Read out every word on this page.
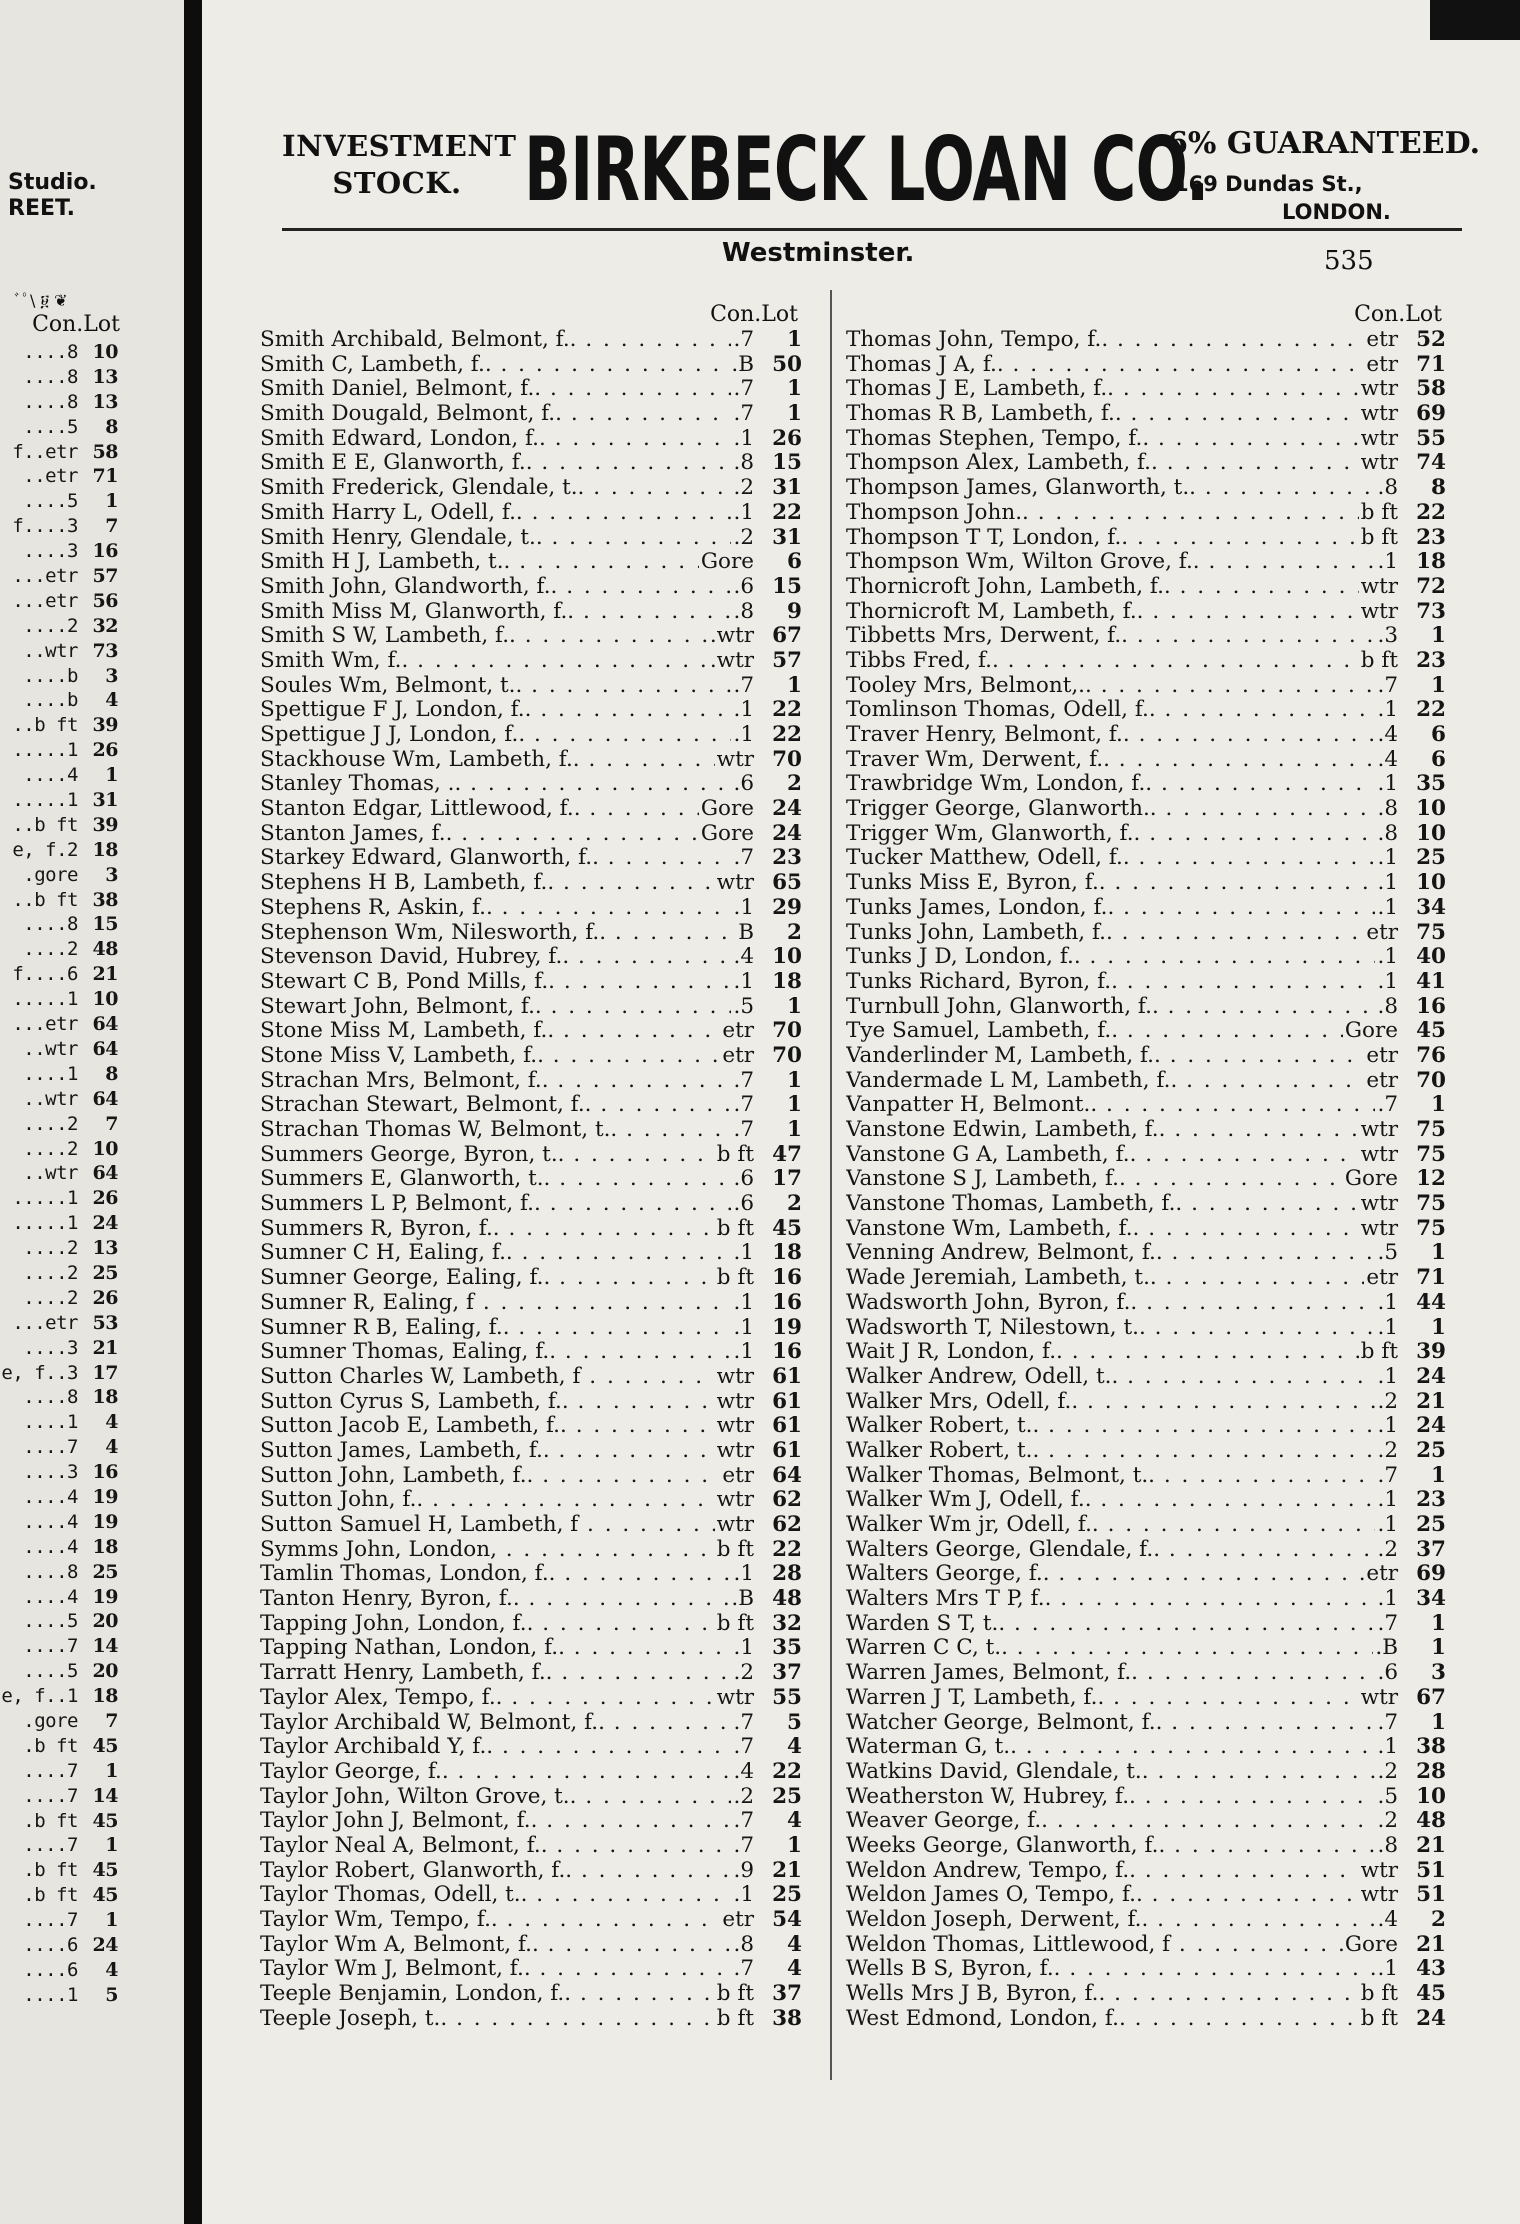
Studio.
REET.
ﾞﾟ\ ፱ ❦
Con.Lot
....8 10
....8 13
....8 13
....5	8
f..etr 58
..etr 71
....5	1
f....3	7
....3 16
...etr 57
...etr 56
....2 32
..wtr 73
....b	3
....b	4
..b ft 39
.....1 26
....4	1
.....1 31
..b ft 39
e, f.2 18
.gore	3
..b ft 38
....8 15
....2 48
f....6 21
.....1 10
...etr 64
..wtr 64
....1	8
..wtr 64
....2	7
....2 10
..wtr 64
.....1 26
.....1 24
....2 13
....2 25
....2 26
...etr 53
....3 21
e, f..3 17
....8 18
....1	4
....7	4
....3 16
....4 19
....4 19
....4 18
....8 25
....4 19
....5 20
....7 14
....5 20
e, f..1 18
.gore	7
.b ft 45
....7	1
....7 14
.b ft 45
....7	1
.b ft 45
.b ft 45
....7	1
....6 24
....6	4
....1	5
INVESTMENT
STOCK. BIRKBECK LOAN CO.
6% GUARANTEED.
169 Dundas St.,
LONDON.
Westminster.	535
Con.Lot
Smith Archibald, Belmont, f.. . . .	.7	1
Smith C, Lambeth, f.. . . .	.B 50
Smith Daniel, Belmont, f.. . . .	.7	1
Smith Dougald, Belmont, f.. . . .	.7	1
Smith Edward, London, f.. . . .	.1 26
Smith E E, Glanworth, f.. . . .	.8 15
Smith Frederick, Glendale, t.. . . .	.2 31
Smith Harry L, Odell, f.. . . .	.1 22
Smith Henry, Glendale, t.. . . .	.2 31
Smith H J, Lambeth, t.. . . .	Gore	6
Smith John, Glandworth, f.. . . .	.6 15
Smith Miss M, Glanworth, f.. . . .	.8	9
Smith S W, Lambeth, f.. . . .	.wtr 67
Smith Wm, f.. . . .	.wtr 57
Soules Wm, Belmont, t.. . . .	.7	1
Spettigue F J, London, f.. . . .	.1 22
Spettigue J J, London, f.. . . .	.1 22
Stackhouse Wm, Lambeth, f.. . . .	wtr 70
Stanley Thomas, .. . . .	.6	2
Stanton Edgar, Littlewood, f.. . . .	Gore 24
Stanton James, f.. . . .	Gore 24
Starkey Edward, Glanworth, f.. . . .	.7 23
Stephens H B, Lambeth, f.. . . .	wtr 65
Stephens R, Askin, f.. . . .	.1 29
Stephenson Wm, Nilesworth, f.. . . .	B	2
Stevenson David, Hubrey, f.. . . .	.4 10
Stewart C B, Pond Mills, f.. . . .	.1 18
Stewart John, Belmont, f.. . . .	.5	1
Stone Miss M, Lambeth, f.. . . .	etr 70
Stone Miss V, Lambeth, f.. . . .	etr 70
Strachan Mrs, Belmont, f.. . . .	.7	1
Strachan Stewart, Belmont, f.. . . .	.7	1
Strachan Thomas W, Belmont, t.. . . .	.7	1
Summers George, Byron, t.. . . .	b ft 47
Summers E, Glanworth, t.. . . .	.6 17
Summers L P, Belmont, f.. . . .	.6	2
Summers R, Byron, f.. . . .	b ft 45
Sumner C H, Ealing, f.. . . .	.1 18
Sumner George, Ealing, f.. . . .	b ft 16
Sumner R, Ealing, f . . .	.1 16
Sumner R B, Ealing, f.. . . .	.1 19
Sumner Thomas, Ealing, f.. . . .	.1 16
Sutton Charles W, Lambeth, f . . .	wtr 61
Sutton Cyrus S, Lambeth, f.. . . .	wtr 61
Sutton Jacob E, Lambeth, f.. . . .	wtr 61
Sutton James, Lambeth, f.. . . .	wtr 61
Sutton John, Lambeth, f.. . . .	etr 64
Sutton John, f.. . . .	wtr 62
Sutton Samuel H, Lambeth, f . . .	wtr 62
Symms John, London, . . .	b ft 22
Tamlin Thomas, London, f.. . . .	.1 28
Tanton Henry, Byron, f.. . . .	.B 48
Tapping John, London, f.. . . .	b ft 32
Tapping Nathan, London, f.. . . .	.1 35
Tarratt Henry, Lambeth, f.. . . .	.2 37
Taylor Alex, Tempo, f.. . . .	wtr 55
Taylor Archibald W, Belmont, f.. . . .	.7	5
Taylor Archibald Y, f.. . . .	.7	4
Taylor George, f.. . . .	.4 22
Taylor John, Wilton Grove, t.. . . .	.2 25
Taylor John J, Belmont, f.. . . .	.7	4
Taylor Neal A, Belmont, f.. . . .	.7	1
Taylor Robert, Glanworth, f.. . . .	.9 21
Taylor Thomas, Odell, t.. . . .	.1 25
Taylor Wm, Tempo, f.. . . .	etr 54
Taylor Wm A, Belmont, f.. . . .	.8	4
Taylor Wm J, Belmont, f.. . . .	.7	4
Teeple Benjamin, London, f.. . . .	b ft 37
Teeple Joseph, t.. . . .	b ft 38
Con.Lot
Thomas John, Tempo, f.. . . .	etr 52
Thomas J A, f.. . . .	etr 71
Thomas J E, Lambeth, f.. . . .	wtr 58
Thomas R B, Lambeth, f.. . . .	wtr 69
Thomas Stephen, Tempo, f.. . . .	wtr 55
Thompson Alex, Lambeth, f.. . . .	wtr 74
Thompson James, Glanworth, t.. . . .	.8	8
Thompson John.. . . .	b ft 22
Thompson T T, London, f.. . . .	b ft 23
Thompson Wm, Wilton Grove, f.. . . .	.1 18
Thornicroft John, Lambeth, f.. . . .	wtr 72
Thornicroft M, Lambeth, f.. . . .	wtr 73
Tibbetts Mrs, Derwent, f.. . . .	.3	1
Tibbs Fred, f.. . . .	b ft 23
Tooley Mrs, Belmont,.. . . .	.7	1
Tomlinson Thomas, Odell, f.. . . .	.1 22
Traver Henry, Belmont, f.. . . .	.4	6
Traver Wm, Derwent, f.. . . .	.4	6
Trawbridge Wm, London, f.. . . .	.1 35
Trigger George, Glanworth.. . . .	.8 10
Trigger Wm, Glanworth, f.. . . .	.8 10
Tucker Matthew, Odell, f.. . . .	.1 25
Tunks Miss E, Byron, f.. . . .	.1 10
Tunks James, London, f.. . . .	.1 34
Tunks John, Lambeth, f.. . . .	etr 75
Tunks J D, London, f.. . . .	.1 40
Tunks Richard, Byron, f.. . . .	.1 41
Turnbull John, Glanworth, f.. . . .	.8 16
Tye Samuel, Lambeth, f.. . . .	Gore 45
Vanderlinder M, Lambeth, f.. . . .	etr 76
Vandermade L M, Lambeth, f.. . . .	etr 70
Vanpatter H, Belmont.. . . .	.7	1
Vanstone Edwin, Lambeth, f.. . . .	wtr 75
Vanstone G A, Lambeth, f.. . . .	wtr 75
Vanstone S J, Lambeth, f.. . . .	Gore 12
Vanstone Thomas, Lambeth, f.. . . .	wtr 75
Vanstone Wm, Lambeth, f.. . . .	wtr 75
Venning Andrew, Belmont, f.. . . .	.5	1
Wade Jeremiah, Lambeth, t.. . . .	etr 71
Wadsworth John, Byron, f.. . . .	.1 44
Wadsworth T, Nilestown, t.. . . .	.1	1
Wait J R, London, f.. . . .	b ft 39
Walker Andrew, Odell, t.. . . .	.1 24
Walker Mrs, Odell, f.. . . .	.2 21
Walker Robert, t.. . . .	.1 24
Walker Robert, t.. . . .	.2 25
Walker Thomas, Belmont, t.. . . .	.7	1
Walker Wm J, Odell, f.. . . .	.1 23
Walker Wm jr, Odell, f.. . . .	.1 25
Walters George, Glendale, f.. . . .	.2 37
Walters George, f.. . . .	etr 69
Walters Mrs T P, f.. . . .	.1 34
Warden S T, t.. . . .	.7	1
Warren C C, t.. . . .	.B	1
Warren James, Belmont, f.. . . .	.6	3
Warren J T, Lambeth, f.. . . .	wtr 67
Watcher George, Belmont, f.. . . .	.7	1
Waterman G, t.. . . .	.1 38
Watkins David, Glendale, t.. . . .	.2 28
Weatherston W, Hubrey, f.. . . .	.5 10
Weaver George, f.. . . .	.2 48
Weeks George, Glanworth, f.. . . .	.8 21
Weldon Andrew, Tempo, f.. . . .	wtr 51
Weldon James O, Tempo, f.. . . .	wtr 51
Weldon Joseph, Derwent, f.. . . .	.4	2
Weldon Thomas, Littlewood, f . . .	Gore 21
Wells B S, Byron, f.. . . .	.1 43
Wells Mrs J B, Byron, f.. . . .	b ft 45
West Edmond, London, f.. . . .	b ft 24
